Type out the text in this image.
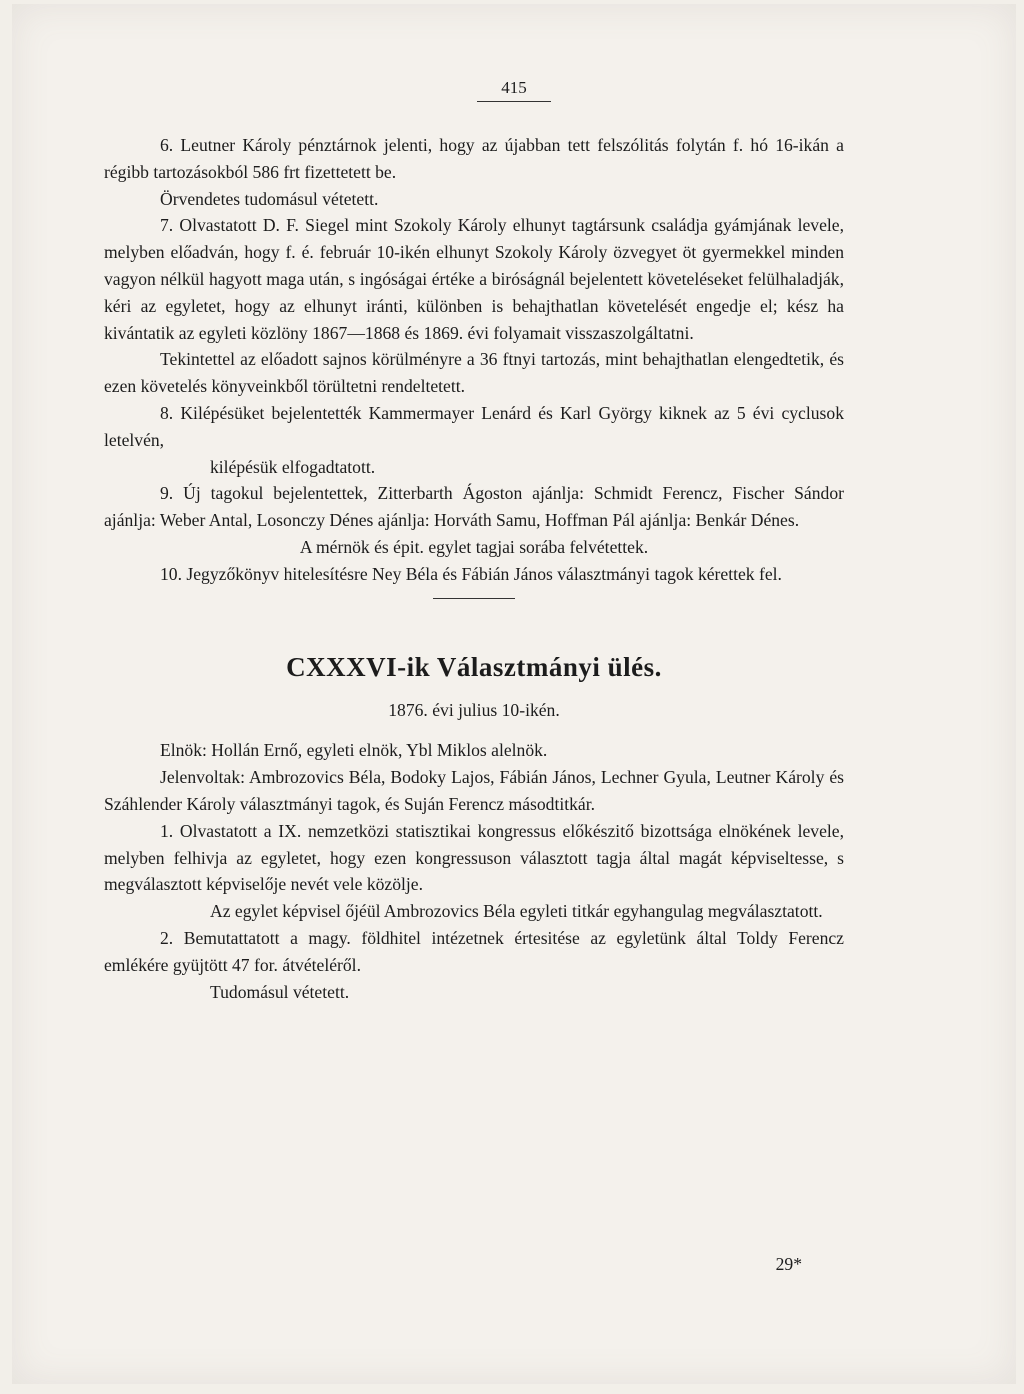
415

6. Leutner Károly pénztárnok jelenti, hogy az újabban tett felszólitás folytán f. hó 16-ikán a régibb tartozásokból 586 frt fizettetett be.

Örvendetes tudomásul vétetett.

7. Olvastatott D. F. Siegel mint Szokoly Károly elhunyt tagtársunk családja gyámjának levele, melyben előadván, hogy f. é. február 10-ikén elhunyt Szokoly Károly özvegyet öt gyermekkel minden vagyon nélkül hagyott maga után, s ingóságai értéke a biróságnál bejelentett követeléseket felülhaladják, kéri az egyletet, hogy az elhunyt iránti, különben is behajthatlan követelését engedje el; kész ha kivántatik az egyleti közlöny 1867—1868 és 1869. évi folyamait visszaszolgáltatni.

Tekintettel az előadott sajnos körülményre a 36 ftnyi tartozás, mint behajthatlan elengedtetik, és ezen követelés könyveinkből törültetni rendeltetett.

8. Kilépésüket bejelentették Kammermayer Lenárd és Karl György kiknek az 5 évi cyclusok letelvén,

kilépésük elfogadtatott.

9. Új tagokul bejelentettek, Zitterbarth Ágoston ajánlja: Schmidt Ferencz, Fischer Sándor ajánlja: Weber Antal, Losonczy Dénes ajánlja: Horváth Samu, Hoffman Pál ajánlja: Benkár Dénes.

A mérnök és épit. egylet tagjai sorába felvétettek.

10. Jegyzőkönyv hitelesítésre Ney Béla és Fábián János választmányi tagok kérettek fel.

CXXXVI-ik Választmányi ülés.
1876. évi julius 10-ikén.

Elnök: Hollán Ernő, egyleti elnök, Ybl Miklos alelnök.

Jelenvoltak: Ambrozovics Béla, Bodoky Lajos, Fábián János, Lechner Gyula, Leutner Károly és Száhlender Károly választmányi tagok, és Suján Ferencz másodtitkár.

1. Olvastatott a IX. nemzetközi statisztikai kongressus előkészitő bizottsága elnökének levele, melyben felhivja az egyletet, hogy ezen kongressuson választott tagja által magát képviseltesse, s megválasztott képviselője nevét vele közölje.

Az egylet képvisel őjéül Ambrozovics Béla egyleti titkár egyhangulag megválasztatott.

2. Bemutattatott a magy. földhitel intézetnek értesitése az egyletünk által Toldy Ferencz emlékére gyüjtött 47 for. átvételéről.

Tudomásul vétetett.

29*
